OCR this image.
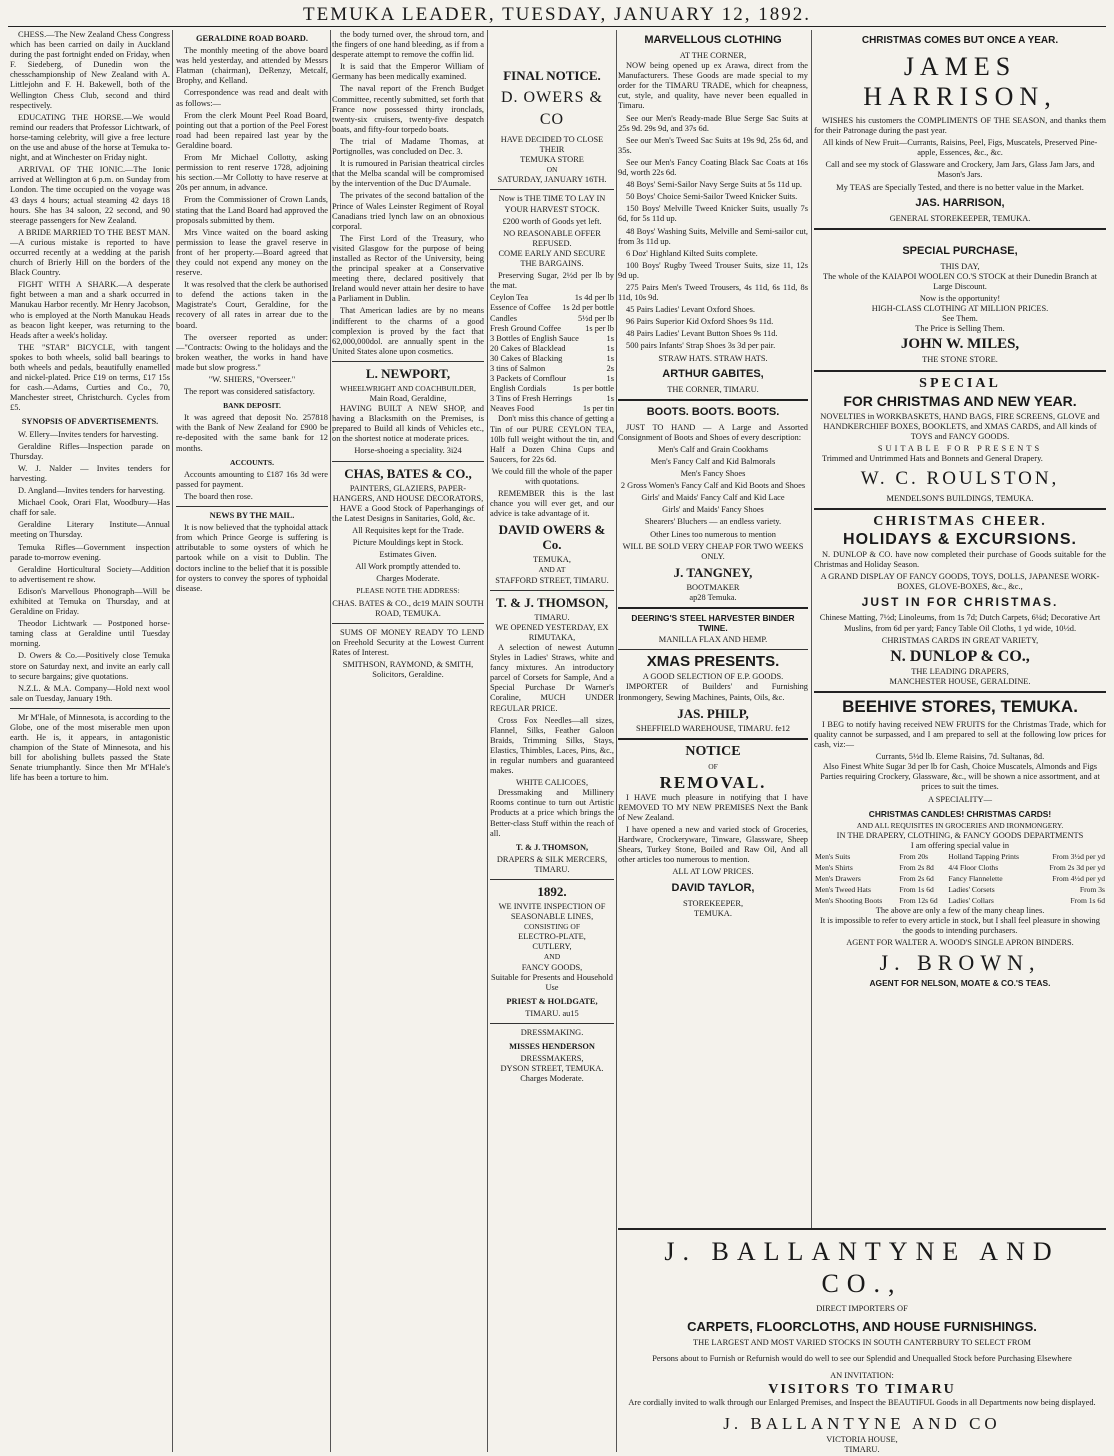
TEMUKA LEADER, TUESDAY, JANUARY 12, 1892.

CHESS.—The New Zealand Chess Congress which has been carried on daily in Auckland during the past fortnight ended on Friday, when F. Siedeberg, of Dunedin won the chesschampionship of New Zealand with A. Littlejohn and F. H. Bakewell, both of the Wellington Chess Club, second and third respectively.

EDUCATING THE HORSE.—We would remind our readers that Professor Lichtwark, of horse-taming celebrity, will give a free lecture on the use and abuse of the horse at Temuka to-night, and at Winchester on Friday night.

ARRIVAL OF THE IONIC.—The Ionic arrived at Wellington at 6 p.m. on Sunday from London. The time occupied on the voyage was 43 days 4 hours; actual steaming 42 days 18 hours. She has 34 saloon, 22 second, and 90 steerage passengers for New Zealand.

A BRIDE MARRIED TO THE BEST MAN.—A curious mistake is reported to have occurred recently at a wedding at the parish church of Brierly Hill on the borders of the Black Country.

FIGHT WITH A SHARK.—A desperate fight between a man and a shark occurred in Manukau Harbor recently. Mr Henry Jacobson, who is employed at the North Manukau Heads as beacon light keeper, was returning to the Heads after a week's holiday.

THE "STAR" BICYCLE, with tangent spokes to both wheels, solid ball bearings to both wheels and pedals, beautifully enamelled and nickel-plated. Price £19 on terms, £17 15s for cash.—Adams, Curties and Co., 70, Manchester street, Christchurch. Cycles from £5.

SYNOPSIS OF ADVERTISEMENTS.

W. Ellery—Invites tenders for harvesting.

Geraldine Rifles—Inspection parade on Thursday.

W. J. Nalder — Invites tenders for harvesting.

D. Angland—Invites tenders for harvesting.

Michael Cook, Orari Flat, Woodbury—Has chaff for sale.

Geraldine Literary Institute—Annual meeting on Thursday.

Temuka Rifles—Government inspection parade to-morrow evening.

Geraldine Horticultural Society—Addition to advertisement re show.

Edison's Marvellous Phonograph—Will be exhibited at Temuka on Thursday, and at Geraldine on Friday.

Theodor Lichtwark — Postponed horse-taming class at Geraldine until Tuesday morning.

D. Owers & Co.—Positively close Temuka store on Saturday next, and invite an early call to secure bargains; give quotations.

N.Z.L. & M.A. Company—Hold next wool sale on Tuesday, January 19th.

Mr M'Hale, of Minnesota, is according to the Globe, one of the most miserable men upon earth. He is, it appears, in antagonistic champion of the State of Minnesota, and his bill for abolishing bullets passed the State Senate triumphantly. Since then Mr M'Hale's life has been a torture to him.

GERALDINE ROAD BOARD.

The monthly meeting of the above board was held yesterday, and attended by Messrs Flatman (chairman), DeRenzy, Metcalf, Brophy, and Kelland.

Correspondence was read and dealt with as follows:—

From the clerk Mount Peel Road Board, pointing out that a portion of the Peel Forest road had been repaired last year by the Geraldine board.

From Mr Michael Collotty, asking permission to rent reserve 1728, adjoining his section.—Mr Collotty to have reserve at 20s per annum, in advance.

From the Commissioner of Crown Lands, stating that the Land Board had approved the proposals submitted by them.

Mrs Vince waited on the board asking permission to lease the gravel reserve in front of her property.—Board agreed that they could not expend any money on the reserve.

It was resolved that the clerk be authorised to defend the actions taken in the Magistrate's Court, Geraldine, for the recovery of all rates in arrear due to the board.

The overseer reported as under:—"Contracts: Owing to the holidays and the broken weather, the works in hand have made but slow progress."

"W. SHIERS, "Overseer."

The report was considered satisfactory.

BANK DEPOSIT.

It was agreed that deposit No. 257818 with the Bank of New Zealand for £900 be re-deposited with the same bank for 12 months.

ACCOUNTS.

Accounts amounting to £187 16s 3d were passed for payment.

The board then rose.

NEWS BY THE MAIL.

It is now believed that the typhoidal attack from which Prince George is suffering is attributable to some oysters of which he partook while on a visit to Dublin. The doctors incline to the belief that it is possible for oysters to convey the spores of typhoidal disease.

the body turned over, the shroud torn, and the fingers of one hand bleeding, as if from a desperate attempt to remove the coffin lid.

It is said that the Emperor William of Germany has been medically examined.

The naval report of the French Budget Committee, recently submitted, set forth that France now possessed thirty ironclads, twenty-six cruisers, twenty-five despatch boats, and fifty-four torpedo boats.

The trial of Madame Thomas, at Portignolles, was concluded on Dec. 3.

It is rumoured in Parisian theatrical circles that the Melba scandal will be compromised by the intervention of the Duc D'Aumale.

The privates of the second battalion of the Prince of Wales Leinster Regiment of Royal Canadians tried lynch law on an obnoxious corporal.

The First Lord of the Treasury, who visited Glasgow for the purpose of being installed as Rector of the University, being the principal speaker at a Conservative meeting there, declared positively that Ireland would never attain her desire to have a Parliament in Dublin.

That American ladies are by no means indifferent to the charms of a good complexion is proved by the fact that 62,000,000dol. are annually spent in the United States alone upon cosmetics.

L. NEWPORT,
WHEELWRIGHT AND COACHBUILDER,
Main Road, Geraldine,

HAVING BUILT A NEW SHOP, and having a Blacksmith on the Premises, is prepared to Build all kinds of Vehicles etc., on the shortest notice at moderate prices.

Horse-shoeing a speciality. 3i24

CHAS, BATES & CO.,
PAINTERS, GLAZIERS, PAPER-HANGERS, AND HOUSE DECORATORS,

HAVE a Good Stock of Paperhangings of the Latest Designs in Sanitaries, Gold, &c.

All Requisites kept for the Trade.

Picture Mouldings kept in Stock.

Estimates Given.

All Work promptly attended to.

Charges Moderate.

PLEASE NOTE THE ADDRESS:

CHAS. BATES & CO., dc19 MAIN SOUTH ROAD, TEMUKA.

SUMS OF MONEY READY TO LEND on Freehold Security at the Lowest Current Rates of Interest.

SMITHSON, RAYMOND, & SMITH, Solicitors, Geraldine.

FINAL NOTICE.
D. OWERS & CO
HAVE DECIDED TO CLOSE THEIR
TEMUKA STORE
ON
SATURDAY, JANUARY 16TH.

Now is THE TIME TO LAY IN YOUR HARVEST STOCK.

£200 worth of Goods yet left.

NO REASONABLE OFFER REFUSED.

COME EARLY AND SECURE THE BARGAINS.

Preserving Sugar, 2½d per lb by the mat.

Ceylon Tea	1s 4d per lb
Essence of Coffee 1s 2d per bottle
Candles	5½d per lb
Fresh Ground Coffee	1s per lb
3 Bottles of English Sauce	1s
20 Cakes of Blacklead	1s
30 Cakes of Blacking	1s
3 tins of Salmon	2s
3 Packets of Cornflour	1s
English Cordials	1s per bottle
3 Tins of Fresh Herrings	1s
Neaves Food	1s per tin

Don't miss this chance of getting a Tin of our PURE CEYLON TEA, 10lb full weight without the tin, and Half a Dozen China Cups and Saucers, for 22s 6d.

We could fill the whole of the paper with quotations.

REMEMBER this is the last chance you will ever get, and our advice is take advantage of it.

DAVID OWERS & Co.
TEMUKA,
AND AT
STAFFORD STREET, TIMARU.
T. & J. THOMSON,
TIMARU.
WE OPENED YESTERDAY, EX RIMUTAKA,

A selection of newest Autumn Styles in Ladies' Straws, white and fancy mixtures. An introductory parcel of Corsets for Sample, And a Special Purchase Dr Warner's Coraline, MUCH UNDER REGULAR PRICE.

Cross Fox Needles—all sizes, Flannel, Silks, Feather Galoon Braids, Trimming Silks, Stays, Elastics, Thimbles, Laces, Pins, &c., in regular numbers and guaranteed makes.

WHITE CALICOES,

Dressmaking and Millinery Rooms continue to turn out Artistic Products at a price which brings the Better-class Stuff within the reach of all.

T. & J. THOMSON,
DRAPERS & SILK MERCERS,
TIMARU.
1892.
WE INVITE INSPECTION OF SEASONABLE LINES,
CONSISTING OF
ELECTRO-PLATE,
CUTLERY,
AND
FANCY GOODS,
Suitable for Presents and Household Use
PRIEST & HOLDGATE,
TIMARU. au15
DRESSMAKING.
MISSES HENDERSON
DRESSMAKERS,
DYSON STREET, TEMUKA.
Charges Moderate.
MARVELLOUS CLOTHING
AT THE CORNER,

NOW being opened up ex Arawa, direct from the Manufacturers. These Goods are made special to my order for the TIMARU TRADE, which for cheapness, cut, style, and quality, have never been equalled in Timaru.

See our Men's Ready-made Blue Serge Sac Suits at 25s 9d. 29s 9d, and 37s 6d.

See our Men's Tweed Sac Suits at 19s 9d, 25s 6d, and 35s.

See our Men's Fancy Coating Black Sac Coats at 16s 9d, worth 22s 6d.

48 Boys' Semi-Sailor Navy Serge Suits at 5s 11d up.

50 Boys' Choice Semi-Sailor Tweed Knicker Suits.

150 Boys' Melville Tweed Knicker Suits, usually 7s 6d, for 5s 11d up.

48 Boys' Washing Suits, Melville and Semi-sailor cut, from 3s 11d up.

6 Doz' Highland Kilted Suits complete.

100 Boys' Rugby Tweed Trouser Suits, size 11, 12s 9d up.

275 Pairs Men's Tweed Trousers, 4s 11d, 6s 11d, 8s 11d, 10s 9d.

45 Pairs Ladies' Levant Oxford Shoes.

96 Pairs Superior Kid Oxford Shoes 9s 11d.

48 Pairs Ladies' Levant Button Shoes 9s 11d.

500 pairs Infants' Strap Shoes 3s 3d per pair.

STRAW HATS. STRAW HATS.
ARTHUR GABITES,
THE CORNER, TIMARU.
BOOTS. BOOTS. BOOTS.

JUST TO HAND — A Large and Assorted Consignment of Boots and Shoes of every description:

Men's Calf and Grain Cookhams

Men's Fancy Calf and Kid Balmorals

Men's Fancy Shoes

2 Gross Women's Fancy Calf and Kid Boots and Shoes

Girls' and Maids' Fancy Calf and Kid Lace

Girls' and Maids' Fancy Shoes

Shearers' Bluchers — an endless variety.

Other Lines too numerous to mention

WILL BE SOLD VERY CHEAP FOR TWO WEEKS ONLY.
J. TANGNEY,
BOOTMAKER
ap28 Temuka.
DEERING'S STEEL HARVESTER BINDER TWINE.
MANILLA FLAX AND HEMP.
XMAS PRESENTS.
A GOOD SELECTION OF E.P. GOODS.

IMPORTER of Builders' and Furnishing Ironmongery, Sewing Machines, Paints, Oils, &c.

JAS. PHILP,
SHEFFIELD WAREHOUSE, TIMARU. fe12
NOTICE
OF
REMOVAL.

I HAVE much pleasure in notifying that I have REMOVED TO MY NEW PREMISES Next the Bank of New Zealand.

I have opened a new and varied stock of Groceries, Hardware, Crockeryware, Tinware, Glassware, Sheep Shears, Turkey Stone, Boiled and Raw Oil, And all other articles too numerous to mention.

ALL AT LOW PRICES.
DAVID TAYLOR,
STOREKEEPER,
TEMUKA.
CHRISTMAS COMES BUT ONCE A YEAR.
JAMES HARRISON,

WISHES his customers the COMPLIMENTS OF THE SEASON, and thanks them for their Patronage during the past year.

All kinds of New Fruit—Currants, Raisins, Peel, Figs, Muscatels, Preserved Pine-apple, Essences, &c., &c.

Call and see my stock of Glassware and Crockery, Jam Jars, Glass Jam Jars, and Mason's Jars.

My TEAS are Specially Tested, and there is no better value in the Market.

JAS. HARRISON,
GENERAL STOREKEEPER, TEMUKA.
SPECIAL PURCHASE,
THIS DAY,

The whole of the KAIAPOI WOOLEN CO.'S STOCK at their Dunedin Branch at Large Discount.

Now is the opportunity!
HIGH-CLASS CLOTHING AT MILLION PRICES.
See Them.
The Price is Selling Them.
JOHN W. MILES,
THE STONE STORE.
SPECIAL
FOR CHRISTMAS AND NEW YEAR.

NOVELTIES in WORKBASKETS, HAND BAGS, FIRE SCREENS, GLOVE and HANDKERCHIEF BOXES, BOOKLETS, and XMAS CARDS, and All kinds of TOYS and FANCY GOODS.

SUITABLE FOR PRESENTS

Trimmed and Untrimmed Hats and Bonnets and General Drapery.

W. C. ROULSTON,
MENDELSON'S BUILDINGS, TEMUKA.
CHRISTMAS CHEER.
HOLIDAYS & EXCURSIONS.

N. DUNLOP & CO. have now completed their purchase of Goods suitable for the Christmas and Holiday Season.

A GRAND DISPLAY OF FANCY GOODS, TOYS, DOLLS, JAPANESE WORK-BOXES, GLOVE-BOXES, &c., &c.,
JUST IN FOR CHRISTMAS.

Chinese Matting, 7½d; Linoleums, from 1s 7d; Dutch Carpets, 6¼d; Decorative Art Muslins, from 6d per yard; Fancy Table Oil Cloths, 1 yd wide, 10½d.

CHRISTMAS CARDS IN GREAT VARIETY,
N. DUNLOP & CO.,
THE LEADING DRAPERS,
MANCHESTER HOUSE, GERALDINE.
BEEHIVE STORES, TEMUKA.

I BEG to notify having received NEW FRUITS for the Christmas Trade, which for quality cannot be surpassed, and I am prepared to sell at the following low prices for cash, viz:—

Currants, 5½d lb. Eleme Raisins, 7d. Sultanas, 8d.
Also Finest White Sugar 3d per lb for Cash, Choice Muscatels, Almonds and Figs

Parties requiring Crockery, Glassware, &c., will be shown a nice assortment, and at prices to suit the times.

A SPECIALITY—
CHRISTMAS CANDLES! CHRISTMAS CARDS!
AND ALL REQUISITES IN GROCERIES AND IRONMONGERY.
IN THE DRAPERY, CLOTHING, & FANCY GOODS DEPARTMENTS
I am offering special value in
Men's Suits	From 20s	Holland Tapping Prints	From 3½d per yd
Men's Shirts	From 2s 8d	4/4 Floor Cloths	From 2s 3d per yd
Men's Drawers	From 2s 6d	Fancy Flannelette	From 4½d per yd
Men's Tweed Hats	From 1s 6d	Ladies' Corsets	From 3s
Men's Shooting Boots	From 12s 6d	Ladies' Collars	From 1s 6d
The above are only a few of the many cheap lines.

It is impossible to refer to every article in stock, but I shall feel pleasure in showing the goods to intending purchasers.

AGENT FOR WALTER A. WOOD'S SINGLE APRON BINDERS.
J. BROWN,
AGENT FOR NELSON, MOATE & CO.'S TEAS.
J. BALLANTYNE AND CO.,
DIRECT IMPORTERS OF
CARPETS, FLOORCLOTHS, AND HOUSE FURNISHINGS.
THE LARGEST AND MOST VARIED STOCKS IN SOUTH CANTERBURY TO SELECT FROM
Persons about to Furnish or Refurnish would do well to see our Splendid and Unequalled Stock before Purchasing Elsewhere
AN INVITATION:
VISITORS TO TIMARU
Are cordially invited to walk through our Enlarged Premises, and Inspect the BEAUTIFUL Goods in all Departments now being displayed.
J. BALLANTYNE AND CO
VICTORIA HOUSE,
TIMARU.
